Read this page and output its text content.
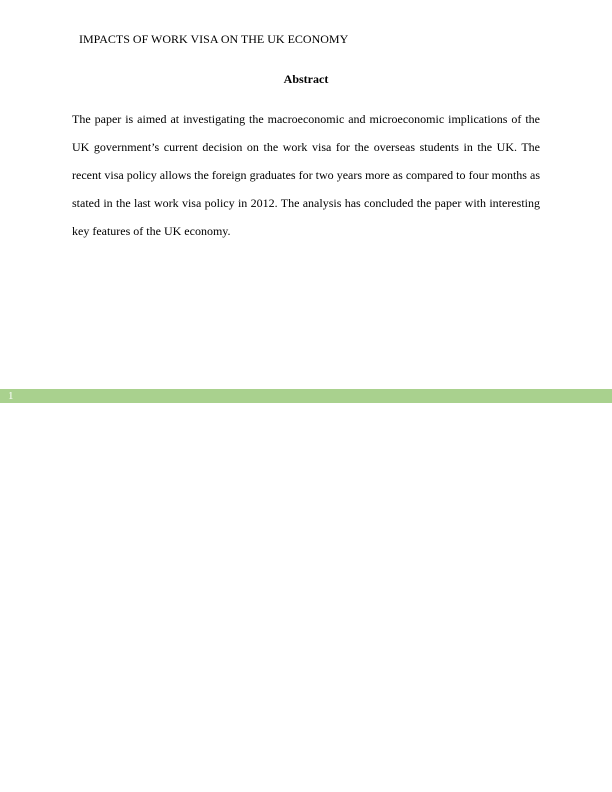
IMPACTS OF WORK VISA ON THE UK ECONOMY
Abstract

The paper is aimed at investigating the macroeconomic and microeconomic implications of the UK government’s current decision on the work visa for the overseas students in the UK. The recent visa policy allows the foreign graduates for two years more as compared to four months as stated in the last work visa policy in 2012. The analysis has concluded the paper with interesting key features of the UK economy.

1
